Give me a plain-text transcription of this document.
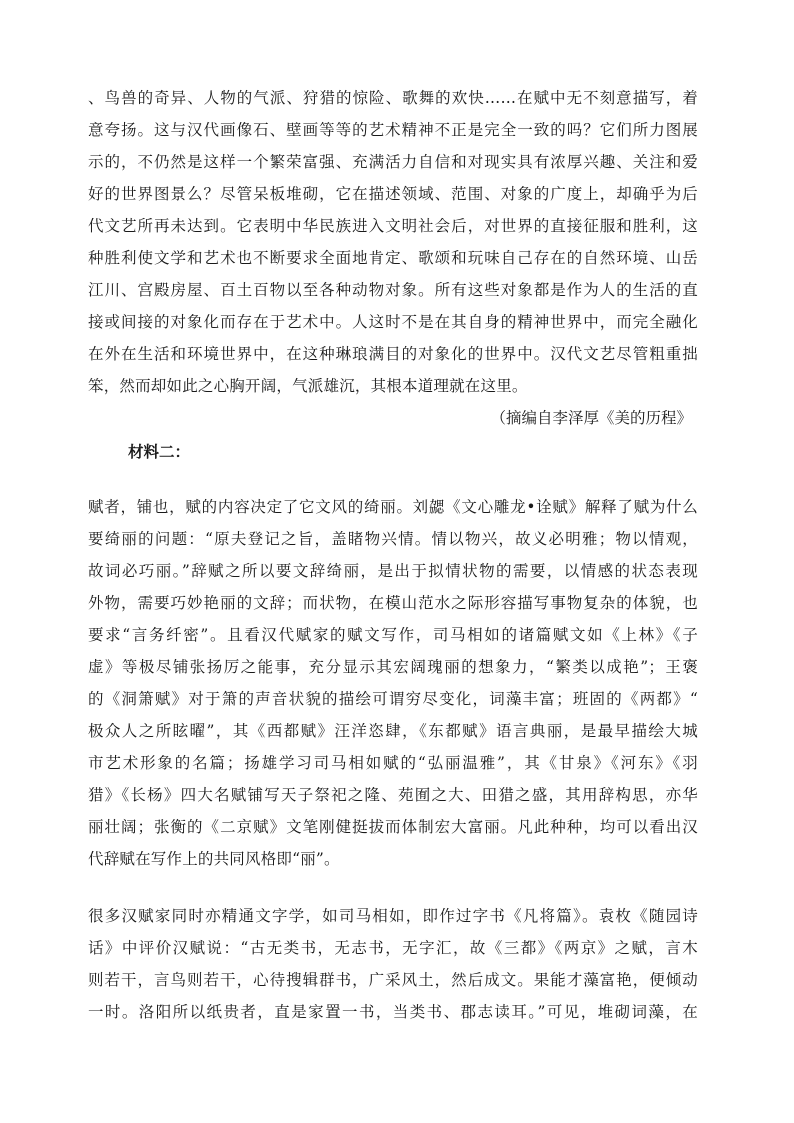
、鸟兽的奇异、人物的气派、狩猎的惊险、歌舞的欢快……在赋中无不刻意描写，着
意夸扬。这与汉代画像石、壁画等等的艺术精神不正是完全一致的吗？它们所力图展
示的，不仍然是这样一个繁荣富强、充满活力自信和对现实具有浓厚兴趣、关注和爱
好的世界图景么？尽管呆板堆砌，它在描述领域、范围、对象的广度上，却确乎为后
代文艺所再未达到。它表明中华民族进入文明社会后，对世界的直接征服和胜利，这
种胜利使文学和艺术也不断要求全面地肯定、歌颂和玩味自己存在的自然环境、山岳
江川、宫殿房屋、百土百物以至各种动物对象。所有这些对象都是作为人的生活的直
接或间接的对象化而存在于艺术中。人这时不是在其自身的精神世界中，而完全融化
在外在生活和环境世界中，在这种琳琅满目的对象化的世界中。汉代文艺尽管粗重拙
笨，然而却如此之心胸开阔，气派雄沉，其根本道理就在这里。
（摘编自李泽厚《美的历程》
材料二：
赋者，铺也，赋的内容决定了它文风的绮丽。刘勰《文心雕龙•诠赋》解释了赋为什么
要绮丽的问题：“原夫登记之旨，盖睹物兴情。情以物兴，故义必明雅；物以情观，
故词必巧丽。”辞赋之所以要文辞绮丽，是出于拟情状物的需要，以情感的状态表现
外物，需要巧妙艳丽的文辞；而状物，在模山范水之际形容描写事物复杂的体貌，也
要求“言务纤密”。且看汉代赋家的赋文写作，司马相如的诸篇赋文如《上林》《子
虚》等极尽铺张扬厉之能事，充分显示其宏阔瑰丽的想象力，“繁类以成艳”；王褒
的《洞箫赋》对于箫的声音状貌的描绘可谓穷尽变化，词藻丰富；班固的《两都》“
极众人之所眩曜”，其《西都赋》汪洋恣肆，《东都赋》语言典丽，是最早描绘大城
市艺术形象的名篇；扬雄学习司马相如赋的“弘丽温雅”，其《甘泉》《河东》《羽
猎》《长杨》四大名赋铺写天子祭祀之隆、苑囿之大、田猎之盛，其用辞构思，亦华
丽壮阔；张衡的《二京赋》文笔刚健挺拔而体制宏大富丽。凡此种种，均可以看出汉
代辞赋在写作上的共同风格即“丽”。
很多汉赋家同时亦精通文字学，如司马相如，即作过字书《凡将篇》。袁枚《随园诗
话》中评价汉赋说：“古无类书，无志书，无字汇，故《三都》《两京》之赋，言木
则若干，言鸟则若干，心待搜辑群书，广采风土，然后成文。果能才藻富艳，便倾动
一时。洛阳所以纸贵者，直是家置一书，当类书、郡志读耳。”可见，堆砌词藻，在
